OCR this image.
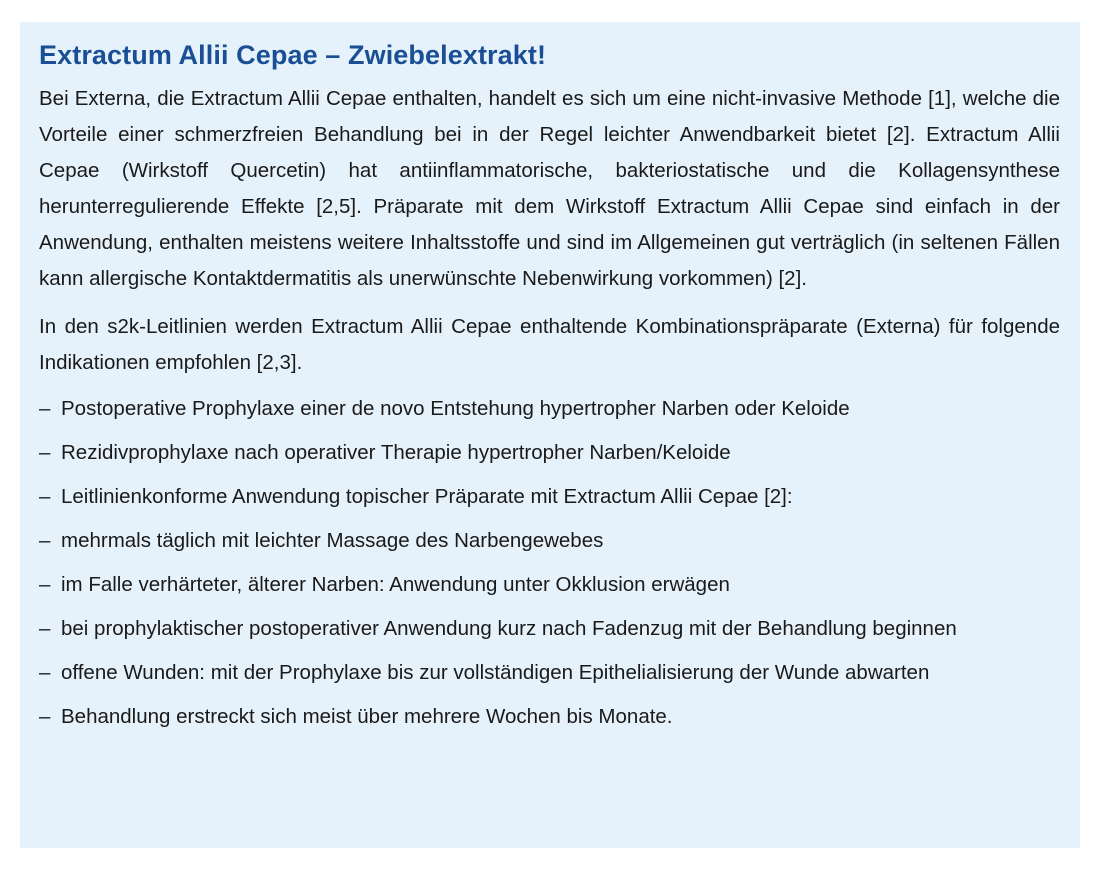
Extractum Allii Cepae – Zwiebelextrakt!

Bei Externa, die Extractum Allii Cepae enthalten, handelt es sich um eine nicht-invasive Methode [1], welche die Vorteile einer schmerzfreien Behandlung bei in der Regel leichter Anwendbarkeit bietet [2]. Extractum Allii Cepae (Wirkstoff Quercetin) hat antiinflammatorische, bakteriostatische und die Kollagensynthese herunterregulierende Effekte [2,5]. Präparate mit dem Wirkstoff Extractum Allii Cepae sind einfach in der Anwendung, enthalten meistens weitere Inhaltsstoffe und sind im Allgemeinen gut verträglich (in seltenen Fällen kann allergische Kontaktdermatitis als unerwünschte Nebenwirkung vorkommen) [2].

In den s2k-Leitlinien werden Extractum Allii Cepae enthaltende Kombinationspräparate (Externa) für folgende Indikationen empfohlen [2,3].

– Postoperative Prophylaxe einer de novo Entstehung hypertropher Narben oder Keloide
– Rezidivprophylaxe nach operativer Therapie hypertropher Narben/Keloide
– Leitlinienkonforme Anwendung topischer Präparate mit Extractum Allii Cepae [2]:
– mehrmals täglich mit leichter Massage des Narbengewebes
– im Falle verhärteter, älterer Narben: Anwendung unter Okklusion erwägen
– bei prophylaktischer postoperativer Anwendung kurz nach Fadenzug mit der Behandlung beginnen
– offene Wunden: mit der Prophylaxe bis zur vollständigen Epithelialisierung der Wunde abwarten
– Behandlung erstreckt sich meist über mehrere Wochen bis Monate.
